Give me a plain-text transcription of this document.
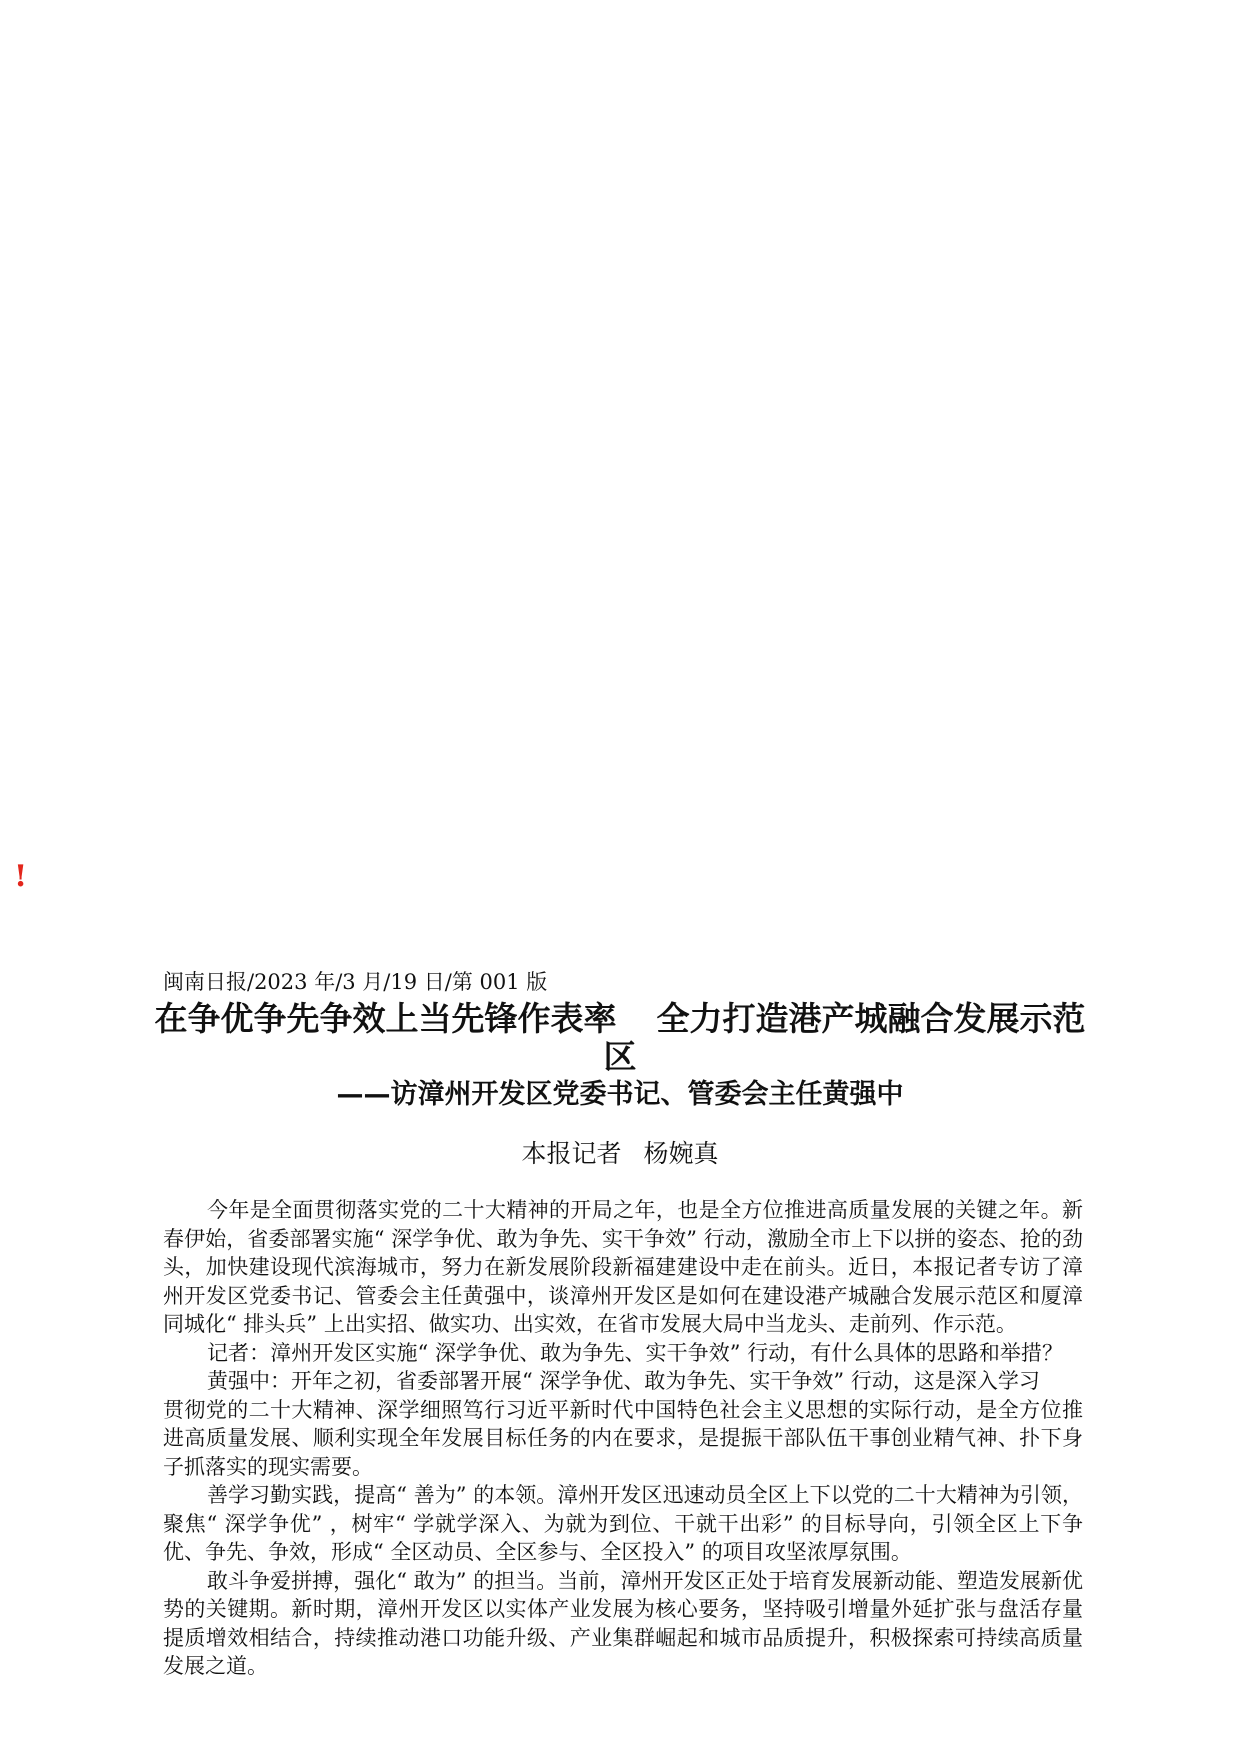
!
闽南日报/2023 年/3 月/19 日/第 001 版
在争优争先争效上当先锋作表率 全力打造港产城融合发展示范区
——访漳州开发区党委书记、管委会主任黄强中
本报记者 杨婉真

今年是全面贯彻落实党的二十大精神的开局之年，也是全方位推进高质量发展的关键之年。新春伊始，省委部署实施“ 深学争优、敢为争先、实干争效” 行动，激励全市上下以拼的姿态、抢的劲头，加快建设现代滨海城市，努力在新发展阶段新福建建设中走在前头。近日，本报记者专访了漳州开发区党委书记、管委会主任黄强中，谈漳州开发区是如何在建设港产城融合发展示范区和厦漳同城化“ 排头兵” 上出实招、做实功、出实效，在省市发展大局中当龙头、走前列、作示范。

记者：漳州开发区实施“ 深学争优、敢为争先、实干争效” 行动，有什么具体的思路和举措？黄强中：开年之初，省委部署开展“ 深学争优、敢为争先、实干争效” 行动，这是深入学习

贯彻党的二十大精神、深学细照笃行习近平新时代中国特色社会主义思想的实际行动，是全方位推进高质量发展、顺利实现全年发展目标任务的内在要求，是提振干部队伍干事创业精气神、扑下身子抓落实的现实需要。

善学习勤实践，提高“ 善为” 的本领。漳州开发区迅速动员全区上下以党的二十大精神为引领，聚焦“ 深学争优” ，树牢“ 学就学深入、为就为到位、干就干出彩” 的目标导向，引领全区上下争优、争先、争效，形成“ 全区动员、全区参与、全区投入” 的项目攻坚浓厚氛围。

敢斗争爱拼搏，强化“ 敢为” 的担当。当前，漳州开发区正处于培育发展新动能、塑造发展新优势的关键期。新时期，漳州开发区以实体产业发展为核心要务，坚持吸引增量外延扩张与盘活存量提质增效相结合，持续推动港口功能升级、产业集群崛起和城市品质提升，积极探索可持续高质量发展之道。
